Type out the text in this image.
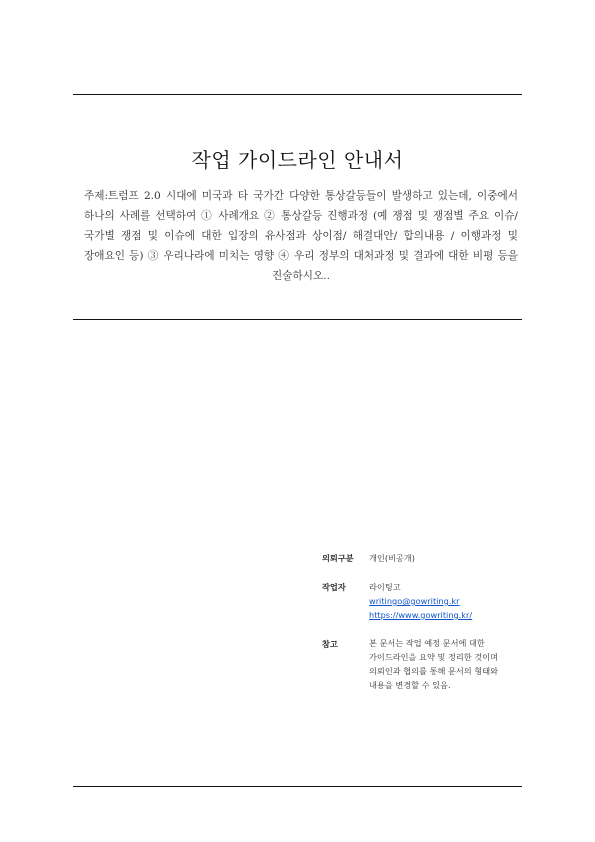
작업 가이드라인 안내서
주제:트럼프 2.0 시대에 미국과 타 국가간 다양한 통상갈등들이 발생하고 있는데, 이중에서 하나의 사례를 선택하여 ① 사례개요 ② 통상갈등 진행과정 (예 쟁점 및 쟁점별 주요 이슈/ 국가별 쟁점 및 이슈에 대한 입장의 유사점과 상이점/ 해결대안/ 합의내용 / 이행과정 및 장애요인 등) ③ 우리나라에 미치는 영향 ④ 우리 정부의 대처과정 및 결과에 대한 비평 등을 진술하시오..
의뢰구분	개인(비공개)
작업자	라이팅고
writingo@gowriting.kr
https://www.gowriting.kr/
참고	본 문서는 작업 예정 문서에 대한
가이드라인을 요약 및 정리한 것이며
의뢰인과 협의를 통해 문서의 형태와
내용을 변경할 수 있음.
